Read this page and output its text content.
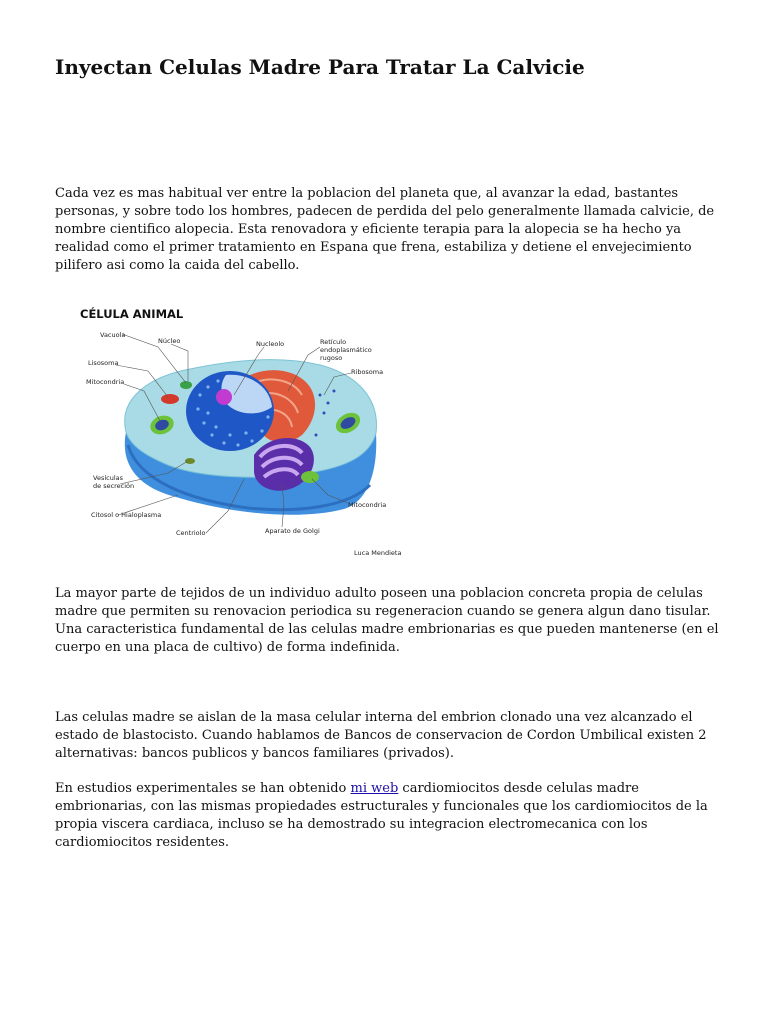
Inyectan Celulas Madre Para Tratar La Calvicie

Cada vez es mas habitual ver entre la poblacion del planeta que, al avanzar la edad, bastantes personas, y sobre todo los hombres, padecen de perdida del pelo generalmente llamada calvicie, de nombre cientifico alopecia. Esta renovadora y eficiente terapia para la alopecia se ha hecho ya realidad como el primer tratamiento en Espana que frena, estabiliza y detiene el envejecimiento pilifero asi como la caida del cabello.

CÉLULA ANIMAL
Vacuola
Núcleo	Nucleolo	Retículo
endoplasmático
rugoso
Lisosoma
Ribosoma
Mitocondria
Vesículas
de secreción
Mitocondria
Citosol o Hialoplasma
Centriolo	Aparato de Golgi
Luca Mendieta

La mayor parte de tejidos de un individuo adulto poseen una poblacion concreta propia de celulas madre que permiten su renovacion periodica su regeneracion cuando se genera algun dano tisular. Una caracteristica fundamental de las celulas madre embrionarias es que pueden mantenerse (en el cuerpo en una placa de cultivo) de forma indefinida.

Las celulas madre se aislan de la masa celular interna del embrion clonado una vez alcanzado el estado de blastocisto. Cuando hablamos de Bancos de conservacion de Cordon Umbilical existen 2 alternativas: bancos publicos y bancos familiares (privados).

En estudios experimentales se han obtenido mi web cardiomiocitos desde celulas madre embrionarias, con las mismas propiedades estructurales y funcionales que los cardiomiocitos de la propia viscera cardiaca, incluso se ha demostrado su integracion electromecanica con los cardiomiocitos residentes.
